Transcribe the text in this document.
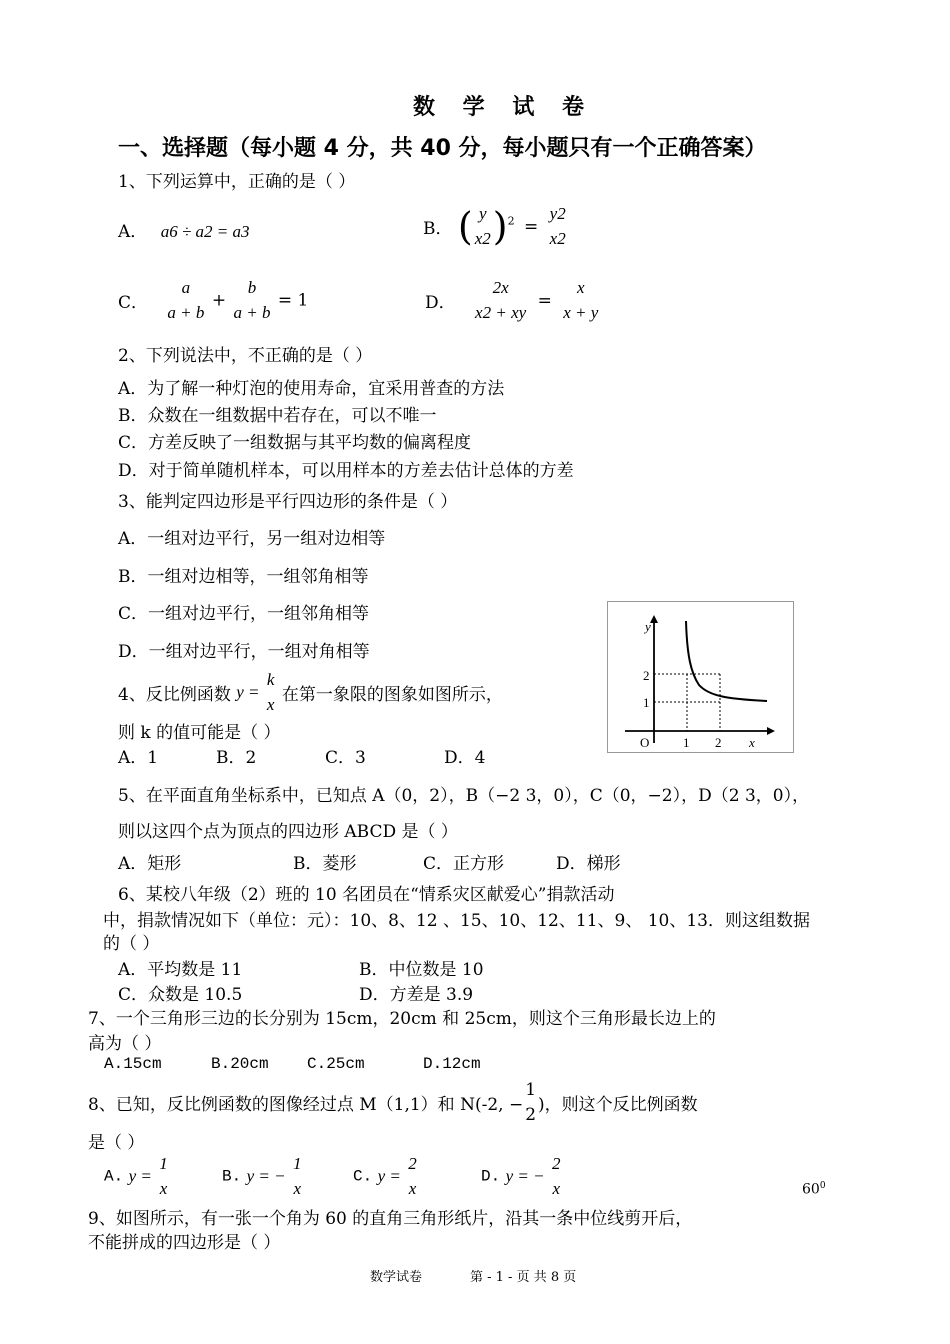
数 学 试 卷
一、选择题（每小题 4 分，共 40 分，每小题只有一个正确答案）
1、下列运算中，正确的是（ ）
A． a6 ÷ a2 = a3	B． ( y
x2 )$^2$ =
y2
x2
C．
a
a + b
+
b
a + b
= 1	D．
2x
x2 + xy
=
x
x + y
2、下列说法中，不正确的是（ ）
A．为了解一种灯泡的使用寿命，宜采用普查的方法
B．众数在一组数据中若存在，可以不唯一
C．方差反映了一组数据与其平均数的偏离程度
D．对于简单随机样本，可以用样本的方差去估计总体的方差
3、能判定四边形是平行四边形的条件是（ ）
A．一组对边平行，另一组对边相等
B．一组对边相等，一组邻角相等
C．一组对边平行，一组邻角相等
D．一组对边平行，一组对角相等
y
x
O	1 2
2
1
4、反比例函数 y =
k
x 在第一象限的图象如图所示，
则 k 的值可能是（ ）
A．1	B．2	C．3	D．4
5、在平面直角坐标系中，已知点 A（0，2），B（−2 3，0），C（0，−2），D（2 3，0），
则以这四个点为顶点的四边形 ABCD 是（ ）
A．矩形	B．菱形	C．正方形	D．梯形
6、某校八年级（2）班的 10 名团员在“情系灾区献爱心”捐款活动
中，捐款情况如下（单位：元）：10、8、12 、15、10、12、11、9、 10、13．则这组数据
的（ ）
A．平均数是 11	B．中位数是 10
C．众数是 10.5	D．方差是 3.9
7、一个三角形三边的长分别为 15cm，20cm 和 25cm，则这个三角形最长边上的
高为（ ）
A.15cm	B.20cm C.25cm	D.12cm
8、已知，反比例函数的图像经过点 M（1,1）和 N(-2, −
1
2 )，则这个反比例函数
是（ ）
A. y =
1
x
B. y = −
1
x
C. y =
2
x
D. y = −
2
x	$60^0$
9、如图所示，有一张一个角为 60 的直角三角形纸片，沿其一条中位线剪开后，
不能拼成的四边形是（ ）
数学试卷	第 - 1 - 页 共 8 页
